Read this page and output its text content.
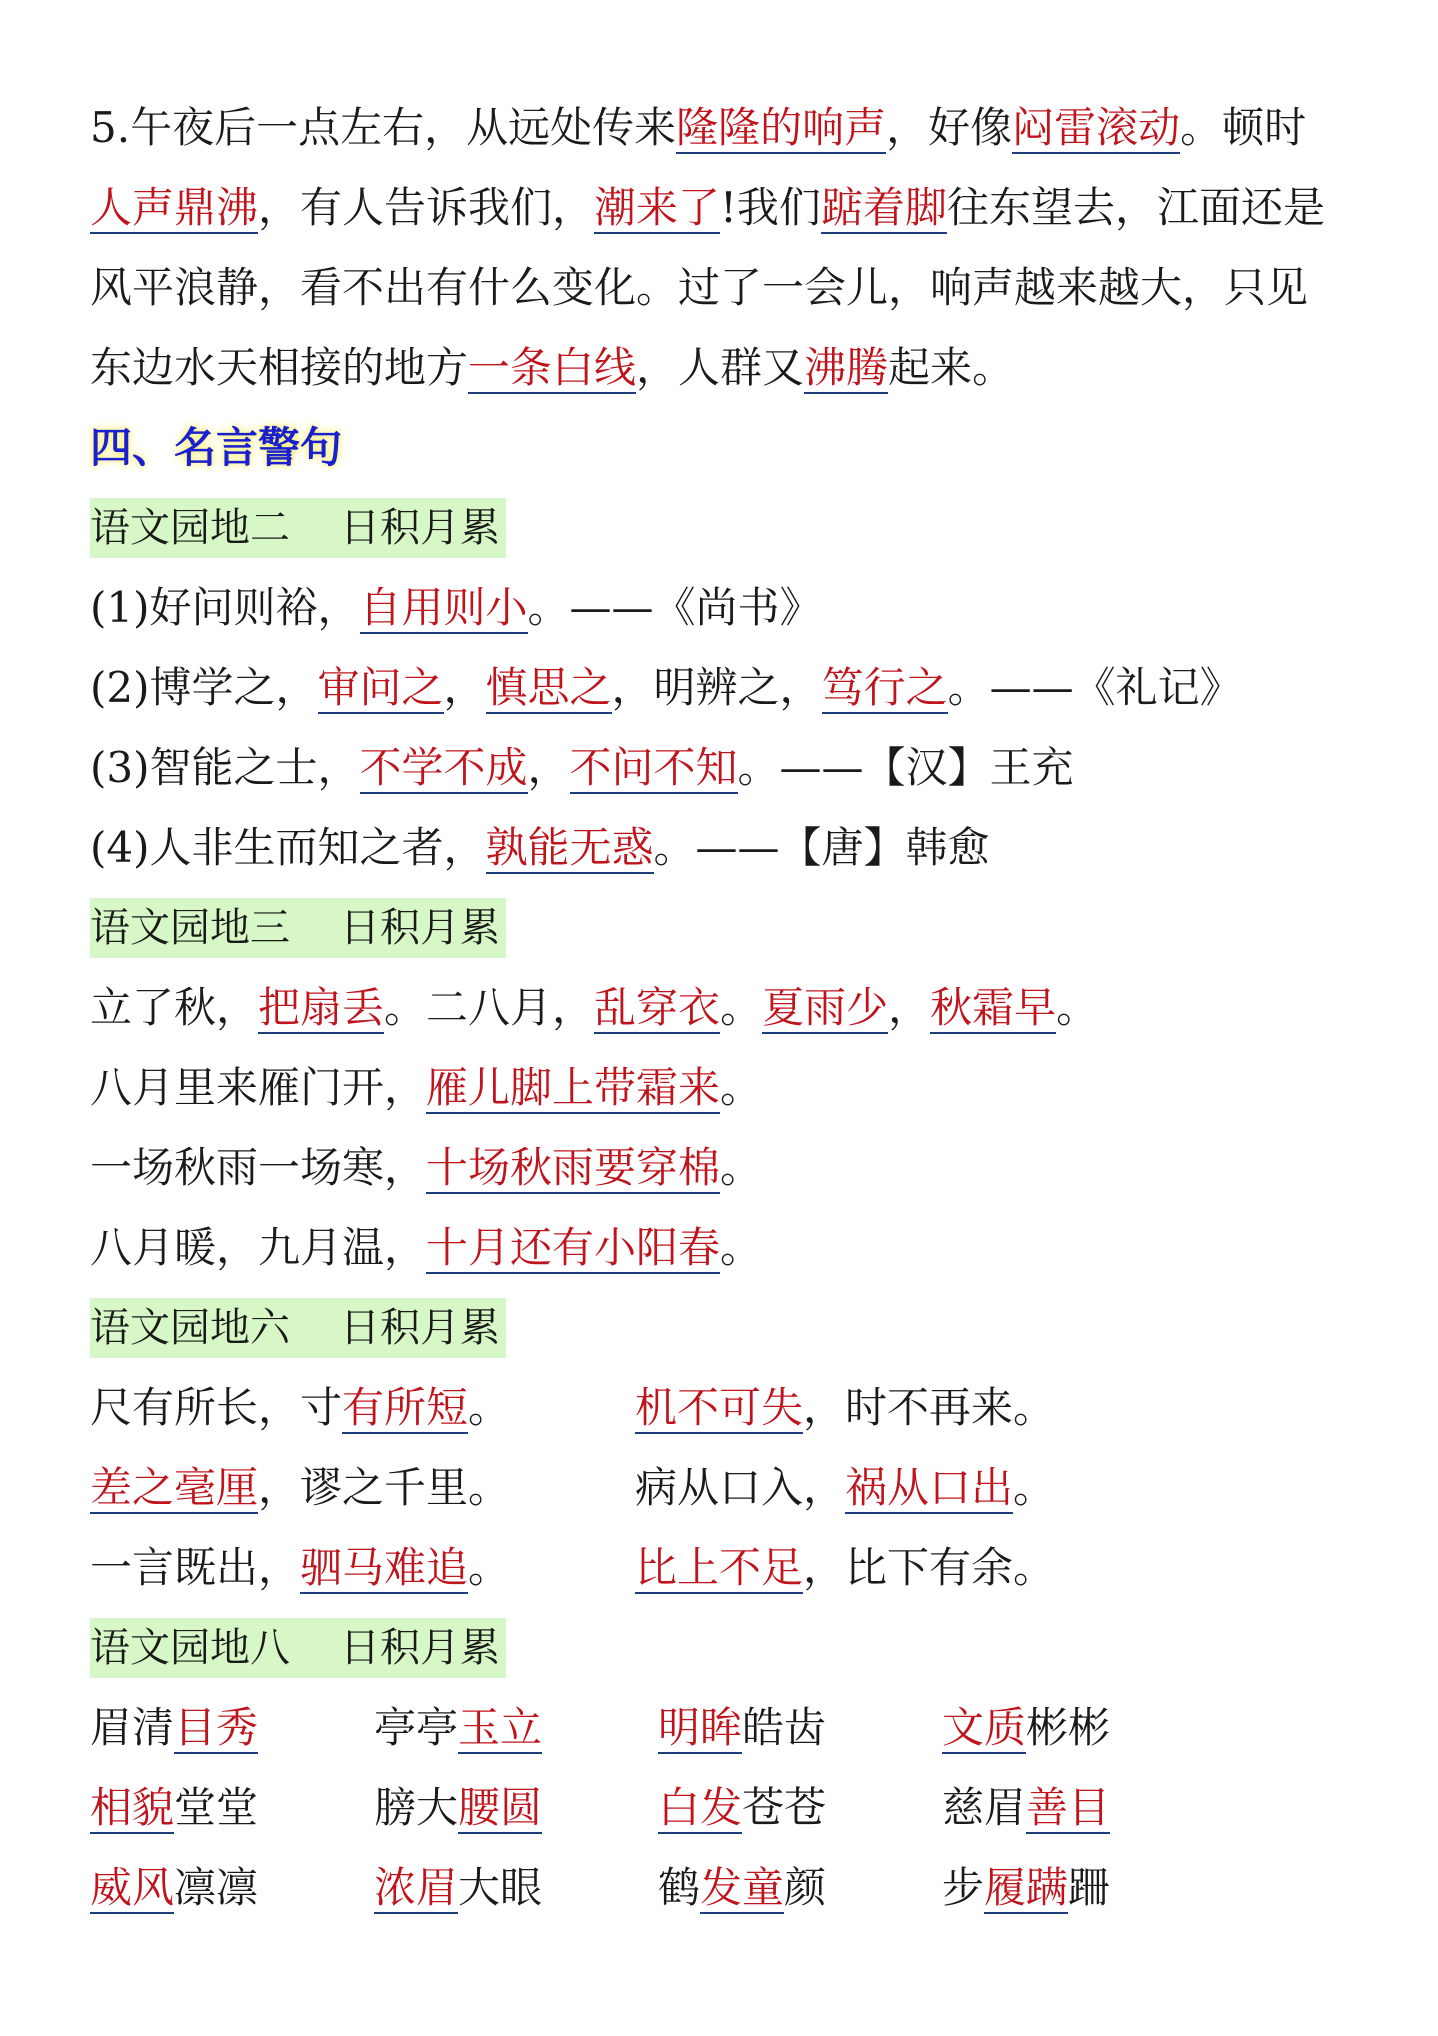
5.午夜后一点左右，从远处传来隆隆的响声，好像闷雷滚动。顿时
人声鼎沸，有人告诉我们，潮来了!我们踮着脚往东望去，江面还是
风平浪静，看不出有什么变化。过了一会儿，响声越来越大，只见
东边水天相接的地方一条白线，人群又沸腾起来。
四、名言警句
语文园地二 日积月累
(1)好问则裕，自用则小。——《尚书》
(2)博学之，审问之，慎思之，明辨之，笃行之。——《礼记》
(3)智能之士，不学不成，不问不知。——【汉】王充
(4)人非生而知之者，孰能无惑。——【唐】韩愈
语文园地三 日积月累
立了秋，把扇丢。二八月，乱穿衣。夏雨少，秋霜早。
八月里来雁门开，雁儿脚上带霜来。
一场秋雨一场寒，十场秋雨要穿棉。
八月暖，九月温，十月还有小阳春。
语文园地六 日积月累
尺有所长，寸有所短。	机不可失，时不再来。
差之毫厘，谬之千里。	病从口入，祸从口出。
一言既出，驷马难追。	比上不足，比下有余。
语文园地八 日积月累
眉清目秀	亭亭玉立	明眸皓齿	文质彬彬
相貌堂堂	膀大腰圆	白发苍苍	慈眉善目
威风凛凛	浓眉大眼	鹤发童颜	步履蹒跚
